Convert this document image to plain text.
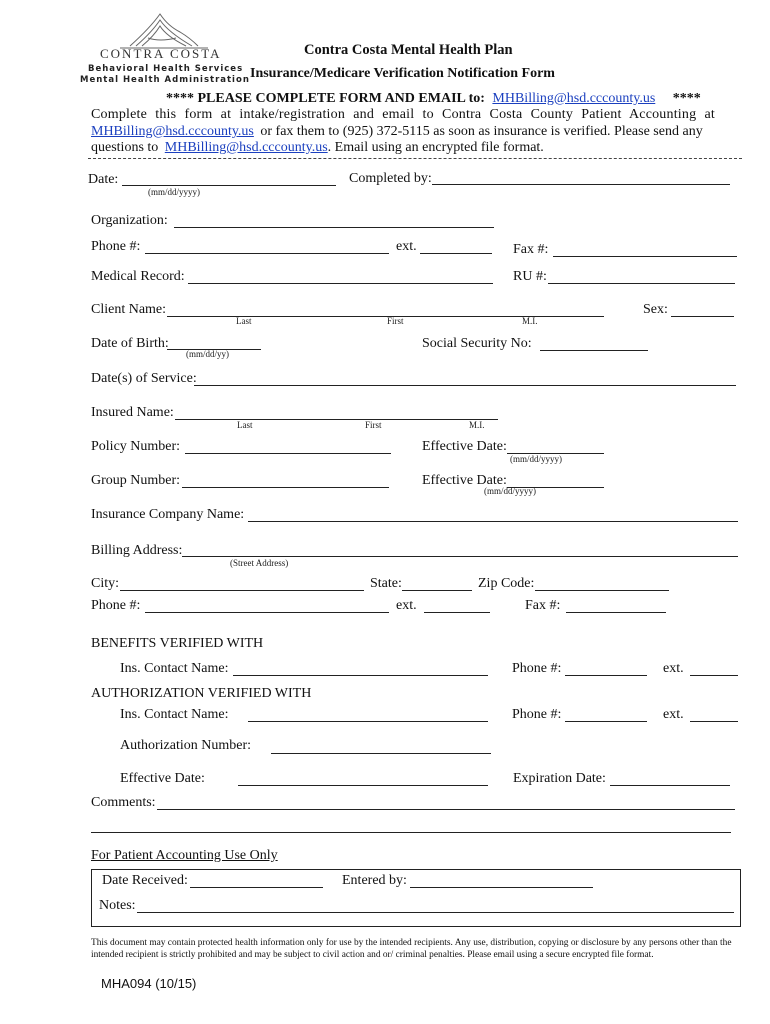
CONTRA COSTA
Behavioral Health Services
Mental Health Administration
Contra Costa Mental Health Plan
Insurance/Medicare Verification Notification Form
**** PLEASE COMPLETE FORM AND EMAIL to: MHBilling@hsd.cccounty.us ****
Complete this form at intake/registration and email to Contra Costa County Patient Accounting at
MHBilling@hsd.cccounty.us or fax them to (925) 372-5115 as soon as insurance is verified. Please send any
questions to MHBilling@hsd.cccounty.us. Email using an encrypted file format.
Date:
(mm/dd/yyyy)
Completed by:
Organization:
Phone #:	ext.	Fax #:
Medical Record:	RU #:
Client Name:
Last	First	M.I.
Sex:
Date of Birth:
(mm/dd/yy)
Social Security No:
Date(s) of Service:
Insured Name:
Last	First	M.I.
Policy Number:	Effective Date:
(mm/dd/yyyy)
Group Number:	Effective Date:
(mm/dd/yyyy)
Insurance Company Name:
Billing Address:
(Street Address)
City:	State:	Zip Code:
Phone #:	ext.	Fax #:
BENEFITS VERIFIED WITH
Ins. Contact Name:	Phone #:	ext.
AUTHORIZATION VERIFIED WITH
Ins. Contact Name:	Phone #:	ext.
Authorization Number:
Effective Date:	Expiration Date:
Comments:
For Patient Accounting Use Only
Date Received:	Entered by:
Notes:
This document may contain protected health information only for use by the intended recipients. Any use, distribution, copying or disclosure by any persons other than the intended recipient is strictly prohibited and may be subject to civil action and or/ criminal penalties. Please email using a secure encrypted file format.
MHA094 (10/15)
